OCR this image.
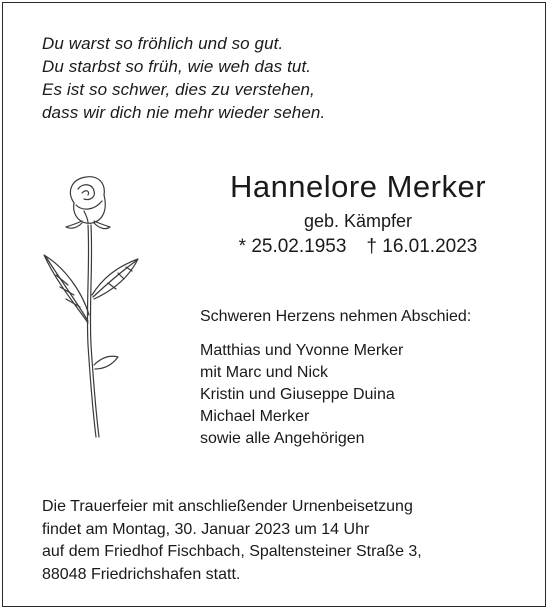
Du warst so fröhlich und so gut.
Du starbst so früh, wie weh das tut.
Es ist so schwer, dies zu verstehen,
dass wir dich nie mehr wieder sehen.
Hannelore Merker
geb. Kämpfer
* 25.02.1953 † 16.01.2023
Schweren Herzens nehmen Abschied:
Matthias und Yvonne Merker
mit Marc und Nick
Kristin und Giuseppe Duina
Michael Merker
sowie alle Angehörigen
Die Trauerfeier mit anschließender Urnenbeisetzung
findet am Montag, 30. Januar 2023 um 14 Uhr
auf dem Friedhof Fischbach, Spaltensteiner Straße 3,
88048 Friedrichshafen statt.
